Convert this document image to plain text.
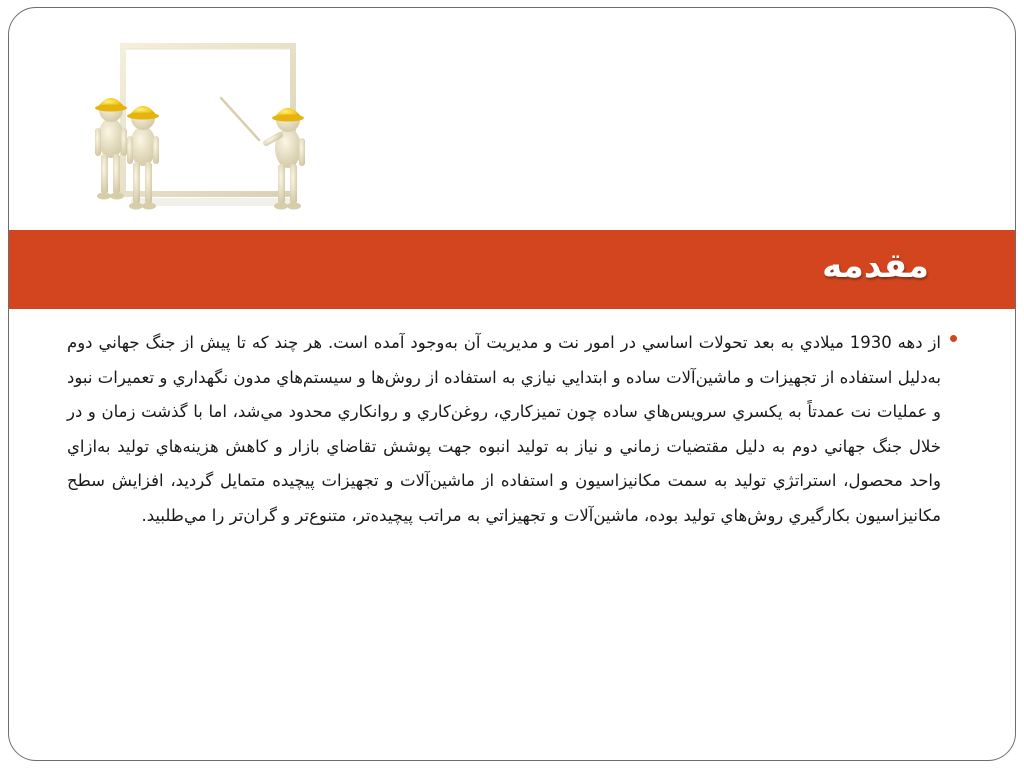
مقدمه

از دهه 1930 ميلادي به بعد تحولات اساسي در امور نت و مديريت آن به‌وجود آمده است. هر چند كه تا پيش از جنگ جهاني دوم به‌دليل استفاده از تجهيزات و ماشين‌آلات ساده و ابتدايي نيازي به استفاده از روش‌ها و سيستم‌هاي مدون نگهداري و تعميرات نبود و عمليات نت عمدتاً به يكسري سرويس‌هاي ساده چون تميزكاري، روغن‌كاري و روانكاري محدود مي‌شد، اما با گذشت زمان و در خلال جنگ جهاني دوم به دليل مقتضيات زماني و نياز به توليد انبوه جهت پوشش تقاضاي بازار و كاهش هزينه‌هاي توليد به‌ازاي واحد محصول، استراتژي توليد به سمت مكانيزاسيون و استفاده از ماشين‌آلات و تجهيزات پيچيده متمايل گرديد، افزايش سطح مكانيزاسيون بكارگيري روش‌هاي توليد بوده، ماشين‌آلات و تجهيزاتي به مراتب پيچيده‌تر، متنوع‌تر و گران‌تر را مي‌طلبيد.
